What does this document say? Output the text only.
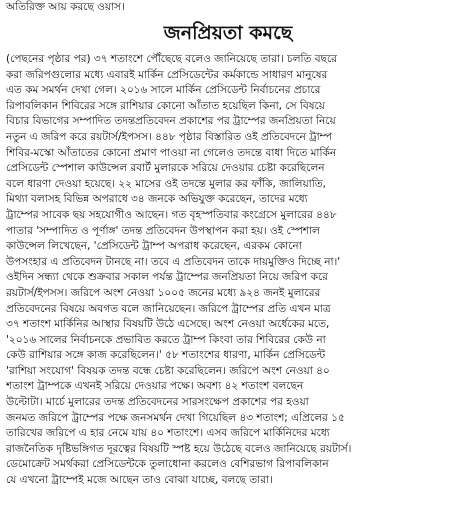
অতিরিক্ত আয় করছে ওয়াস।

জনপ্রিয়তা কমছে
(পেছনের পৃষ্ঠার পর) ৩৭ শতাংশে পৌঁছেছে বলেও জানিয়েছে তারা। চলতি বছরে
করা জরিপগুলোর মধ্যে এবারই মার্কিন প্রেসিডেন্টের কর্মকান্ডে সাধারণ মানুষের
এত কম সমর্থন দেখা গেল। ২০১৬ সালে মার্কিন প্রেসিডেন্ট নির্বাচনের প্রচারে
রিপাবলিকান শিবিরের সঙ্গে রাশিয়ার কোনো আঁতাত হয়েছিল কিনা, সে বিষয়ে
বিচার বিভাগের সম্পাদিত তদন্তপ্রতিবেদন প্রকাশের পর ট্রাম্পের জনপ্রিয়তা নিয়ে
নতুন এ জরিপ করে রয়টার্স/ইপসস। ৪৪৮ পৃষ্ঠার বিস্তারিত ওই প্রতিবেদনে ট্রাম্প
শিবির-মস্কো আঁতাতের কোনো প্রমাণ পাওয়া না গেলেও তদন্তে বাধা দিতে মার্কিন
প্রেসিডেন্ট স্পেশাল কাউন্সেল রবার্ট মুলারকে সরিয়ে দেওয়ার চেষ্টা করেছিলেন
বলে ধারণা দেওয়া হয়েছে। ২২ মাসের ওই তদন্তে মুলার কর ফাঁকি, জালিয়াতি,
মিথ্যা বলাসহ বিভিন্ন অপরাধে ৩৪ জনকে অভিযুক্ত করেছেন, তাদের মধ্যে
ট্রাম্পের সাবেক ছয় সহযোগীও আছেন। গত বৃহস্পতিবার কংগ্রেসে মুলারের ৪৪৮
পাতার 'সম্পাদিত ও পূর্ণাঙ্গ' তদন্ত প্রতিবেদন উপস্থাপন করা হয়। ওই স্পেশাল
কাউন্সেল লিখেছেন, 'প্রেসিডেন্ট ট্রাম্প অপরাধ করেছেন, এরকম কোনো
উপসংহার এ প্রতিবেদন টানছে না। তবে এ প্রতিবেদন তাকে দায়মুক্তিও দিচ্ছে না।'
ওইদিন সন্ধ্যা থেকে শুক্রবার সকাল পর্যন্ত ট্রাম্পের জনপ্রিয়তা নিয়ে জরিপ করে
রয়টার্স/ইপসস। জরিপে অংশ নেওয়া ১০০৫ জনের মধ্যে ৯২৪ জনই মুলারের
প্রতিবেদনের বিষয়ে অবগত বলে জানিয়েছেন। জরিপে ট্রাম্পের প্রতি এখন মাত্র
৩৭ শতাংশ মার্কিনির আস্থার বিষয়টি উঠে এসেছে। অংশ নেওয়া অর্ধেকের মতে,
'২০১৬ সালের নির্বাচনকে প্রভাবিত করতে ট্রাম্প কিংবা তার শিবিরের কেউ না
কেউ রাশিয়ার সঙ্গে কাজ করেছিলেন।' ৫৮ শতাংশের ধারণা, মার্কিন প্রেসিডেন্ট
'রাশিয়া সংযোগ' বিষয়ক তদন্ত বন্ধে চেষ্টা করেছিলেন। জরিপে অংশ নেওয়া ৪০
শতাংশ ট্রাম্পকে এখনই সরিয়ে দেওয়ার পক্ষে। অবশ্য ৪২ শতাংশ বলছেন
উল্টোটা। মার্চে মুলারের তদন্ত প্রতিবেদনের সারসংক্ষেপ প্রকাশের পর হওয়া
জনমত জরিপে ট্রাম্পের পক্ষে জনসমর্থন দেখা গিয়েছিল ৪৩ শতাংশ; এপ্রিলের ১৫
তারিখের জরিপে এ হার নেমে যায় ৪০ শতাংশে। এসব জরিপে মার্কিনিদের মধ্যে
রাজনৈতিক দৃষ্টিভঙ্গিগত দূরত্বের বিষয়টি স্পষ্ট হয়ে উঠেছে বলেও জানিয়েছে রয়টার্স।
ডেমোক্রেট সমর্থকরা প্রেসিডেন্টকে তুলাধোনা করলেও বেশিরভাগ রিপাবলিকান
যে এখনো ট্রাম্পেই মজে আছেন তাও বোঝা যাচ্ছে, বলছে তারা।
